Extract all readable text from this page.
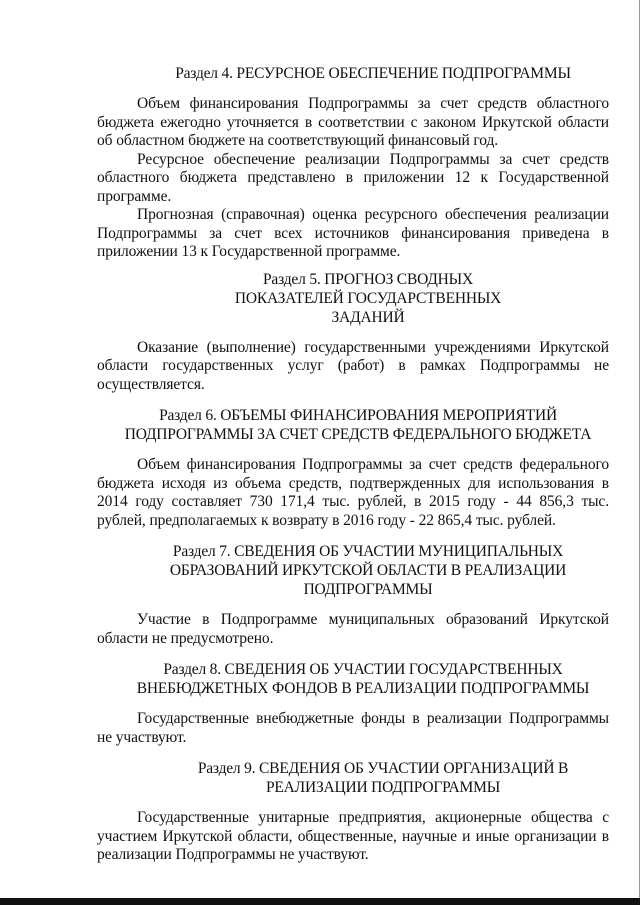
Раздел 4. РЕСУРСНОЕ ОБЕСПЕЧЕНИЕ ПОДПРОГРАММЫ

Объем финансирования Подпрограммы за счет средств областного бюджета ежегодно уточняется в соответствии с законом Иркутской области об областном бюджете на соответствующий финансовый год.

Ресурсное обеспечение реализации Подпрограммы за счет средств областного бюджета представлено в приложении 12 к Государственной программе.

Прогнозная (справочная) оценка ресурсного обеспечения реализации Подпрограммы за счет всех источников финансирования приведена в приложении 13 к Государственной программе.

Раздел 5. ПРОГНОЗ СВОДНЫХ ПОКАЗАТЕЛЕЙ ГОСУДАРСТВЕННЫХ ЗАДАНИЙ

Оказание (выполнение) государственными учреждениями Иркутской области государственных услуг (работ) в рамках Подпрограммы не осуществляется.

Раздел 6. ОБЪЕМЫ ФИНАНСИРОВАНИЯ МЕРОПРИЯТИЙ ПОДПРОГРАММЫ ЗА СЧЕТ СРЕДСТВ ФЕДЕРАЛЬНОГО БЮДЖЕТА

Объем финансирования Подпрограммы за счет средств федерального бюджета исходя из объема средств, подтвержденных для использования в 2014 году составляет 730 171,4 тыс. рублей, в 2015 году - 44 856,3 тыс. рублей, предполагаемых к возврату в 2016 году - 22 865,4 тыс. рублей.

Раздел 7. СВЕДЕНИЯ ОБ УЧАСТИИ МУНИЦИПАЛЬНЫХ ОБРАЗОВАНИЙ ИРКУТСКОЙ ОБЛАСТИ В РЕАЛИЗАЦИИ ПОДПРОГРАММЫ

Участие в Подпрограмме муниципальных образований Иркутской области не предусмотрено.

Раздел 8. СВЕДЕНИЯ ОБ УЧАСТИИ ГОСУДАРСТВЕННЫХ ВНЕБЮДЖЕТНЫХ ФОНДОВ В РЕАЛИЗАЦИИ ПОДПРОГРАММЫ

Государственные внебюджетные фонды в реализации Подпрограммы не участвуют.

Раздел 9. СВЕДЕНИЯ ОБ УЧАСТИИ ОРГАНИЗАЦИЙ В РЕАЛИЗАЦИИ ПОДПРОГРАММЫ

Государственные унитарные предприятия, акционерные общества с участием Иркутской области, общественные, научные и иные организации в реализации Подпрограммы не участвуют.
